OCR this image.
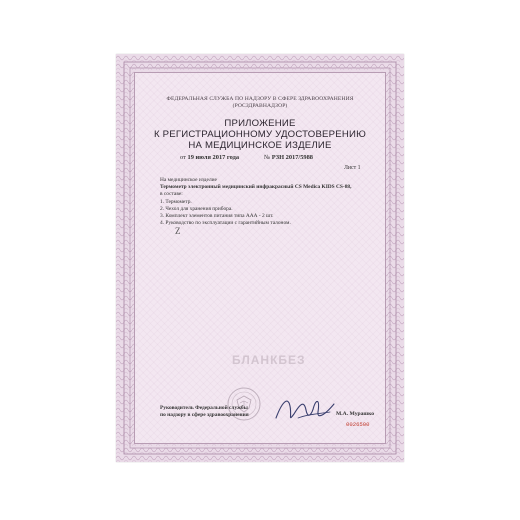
ФЕДЕРАЛЬНАЯ СЛУЖБА ПО НАДЗОРУ В СФЕРЕ ЗДРАВООХРАНЕНИЯ
(РОСЗДРАВНАДЗОР)
ПРИЛОЖЕНИЕ
К РЕГИСТРАЦИОННОМУ УДОСТОВЕРЕНИЮ
НА МЕДИЦИНСКОЕ ИЗДЕЛИЕ
от 19 июля 2017 года	№ РЗН 2017/5988
Лист 1
На медицинское изделие
Термометр электронный медицинский инфракрасный CS Medica KIDS CS-88,
в составе:
1. Термометр.
2. Чехол для хранения прибора.
3. Комплект элементов питания типа ААА - 2 шт.
4. Руководство по эксплуатации с гарантийным талоном.
Z
БЛАНКБЕЗ
Руководитель Федеральной службы
по надзору в сфере здравоохранения	М.А. Мурашко
0026500
